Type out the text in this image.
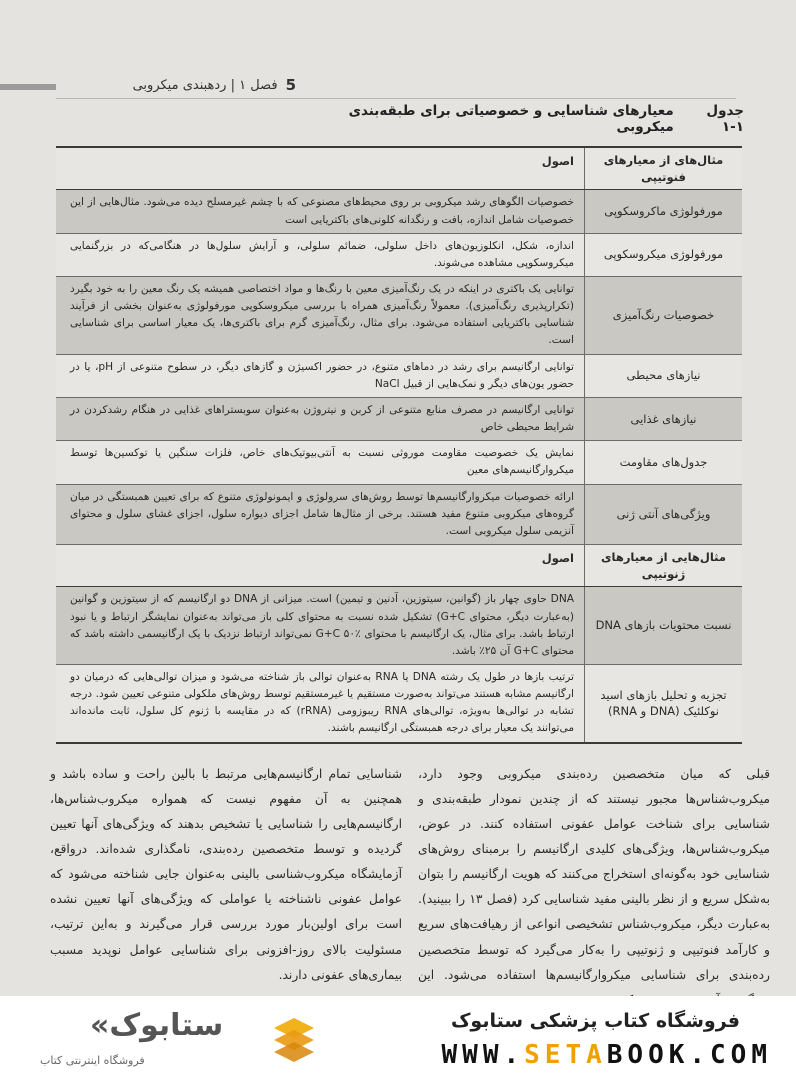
5
فصل ۱ | ردهبندی میکروبی
جدول ۱-۱
معیارهای شناسایی و خصوصیاتی برای طبقه‌بندی میکروبی
مثال‌های از معیارهای فنوتیپی
اصول
مورفولوژی ماکروسکوپی
خصوصیات الگوهای رشد میکروبی بر روی محیط‌های مصنوعی که با چشم غیرمسلح دیده می‌شود. مثال‌هایی از این خصوصیات شامل اندازه، بافت و رنگدانه کلونی‌های باکتریایی است
مورفولوژی میکروسکوپی
اندازه، شکل، انکلوزیون‌های داخل سلولی، ضمائم سلولی، و آرایش سلول‌ها در هنگامی‌که در بزرگنمایی میکروسکوپی مشاهده می‌شوند.
خصوصیات رنگ‌آمیزی
توانایی یک باکتری در اینکه در یک رنگ‌آمیزی معین با رنگ‌ها و مواد اختصاصی همیشه یک رنگ معین را به خود بگیرد (تکرارپذیری رنگ‌آمیزی). معمولاً رنگ‌آمیزی همراه با بررسی میکروسکوپی مورفولوژی به‌عنوان بخشی از فرآیند شناسایی باکتریایی استفاده می‌شود. برای مثال، رنگ‌آمیزی گرم برای باکتری‌ها، یک معیار اساسی برای شناسایی است.
نیازهای محیطی
توانایی ارگانیسم برای رشد در دماهای متنوع، در حضور اکسیژن و گازهای دیگر، در سطوح متنوعی از pH، یا در حضور یون‌های دیگر و نمک‌هایی از قبیل NaCl
نیازهای غذایی
توانایی ارگانیسم در مصرف منابع متنوعی از کربن و نیتروژن به‌عنوان سوبستراهای غذایی در هنگام رشدکردن در شرایط محیطی خاص
جدول‌های مقاومت
نمایش یک خصوصیت مقاومت موروثی نسبت به آنتی‌بیوتیک‌های خاص، فلزات سنگین یا توکسین‌ها توسط میکروارگانیسم‌های معین
ویژگی‌های آنتی ژنی
ارائه خصوصیات میکروارگانیسم‌ها توسط روش‌های سرولوژی و ایمونولوژی متنوع که برای تعیین همبستگی در میان گروه‌های میکروبی متنوع مفید هستند. برخی از مثال‌ها شامل اجزای دیواره سلول، اجزای غشای سلول و محتوای آنزیمی سلول میکروبی است.
مثال‌هایی از معیارهای ژنوتیپی
اصول
نسبت محتویات بازهای DNA
DNA حاوی چهار باز (گوانین، سیتوزین، آدنین و تیمین) است. میزانی از DNA دو ارگانیسم که از سیتوزین و گوانین (به‌عبارت دیگر، محتوای G+C) تشکیل شده نسبت به محتوای کلی باز می‌تواند به‌عنوان نمایشگر ارتباط و یا نبود ارتباط باشد. برای مثال، یک ارگانیسم با محتوای G+C ۵۰٪ نمی‌تواند ارتباط نزدیک با یک ارگانیسمی داشته باشد که محتوای G+C آن ۲۵٪ باشد.
تجزیه و تحلیل بازهای اسید نوکلئیک (DNA و RNA)
ترتیب بازها در طول یک رشته DNA یا RNA به‌عنوان توالی باز شناخته می‌شود و میزان توالی‌هایی که درمیان دو ارگانیسم مشابه هستند می‌تواند به‌صورت مستقیم یا غیرمستقیم توسط روش‌های ملکولی متنوعی تعیین شود. درجه تشابه در توالی‌ها به‌ویژه، توالی‌های RNA ریبوزومی (rRNA) که در مقایسه با ژنوم کل سلول، ثابت مانده‌اند می‌توانند یک معیار برای درجه همبستگی ارگانیسم باشند.
قبلی که میان متخصصین رده‌بندی میکروبی وجود دارد، میکروب‌شناس‌ها مجبور نیستند که از چندین نمودار طبقه‌بندی و شناسایی برای شناخت عوامل عفونی استفاده کنند. در عوض، میکروب‌شناس‌ها، ویژگی‌های کلیدی ارگانیسم را برمبنای روش‌های شناسایی خود به‌گونه‌ای استخراج می‌کنند که هویت ارگانیسم را بتوان به‌شکل سریع و از نظر بالینی مفید شناسایی کرد (فصل ۱۳ را ببینید). به‌عبارت دیگر، میکروب‌شناس تشخیصی انواعی از رهیافت‌های سریع و کارآمد فنوتیپی و ژنوتیپی را به‌کار می‌گیرد که توسط متخصصین رده‌بندی برای شناسایی میکروارگانیسم‌ها استفاده می‌شود. این
شناسایی تمام ارگانیسم‌هایی مرتبط با بالین راحت و ساده باشد و همچنین به آن مفهوم نیست که همواره میکروب‌شناس‌ها، ارگانیسم‌هایی را شناسایی یا تشخیص بدهند که ویژگی‌های آنها تعیین گردیده و توسط متخصصین رده‌بندی، نامگذاری شده‌اند. درواقع، آزمایشگاه میکروب‌شناسی بالینی به‌عنوان جایی شناخته می‌شود که عوامل عفونی ناشناخته یا عواملی که ویژگی‌های آنها تعیین نشده است برای اولین‌بار مورد بررسی قرار می‌گیرند و به‌این ترتیب، مسئولیت بالای روز-افزونی برای شناسایی عوامل نوپدید مسبب بیماری‌های عفونی دارند.
«ستابوک
فروشگاه اینترنتی کتاب
فروشگاه کتاب پزشکی ستابوک
WWW.SETABOOK.COM
